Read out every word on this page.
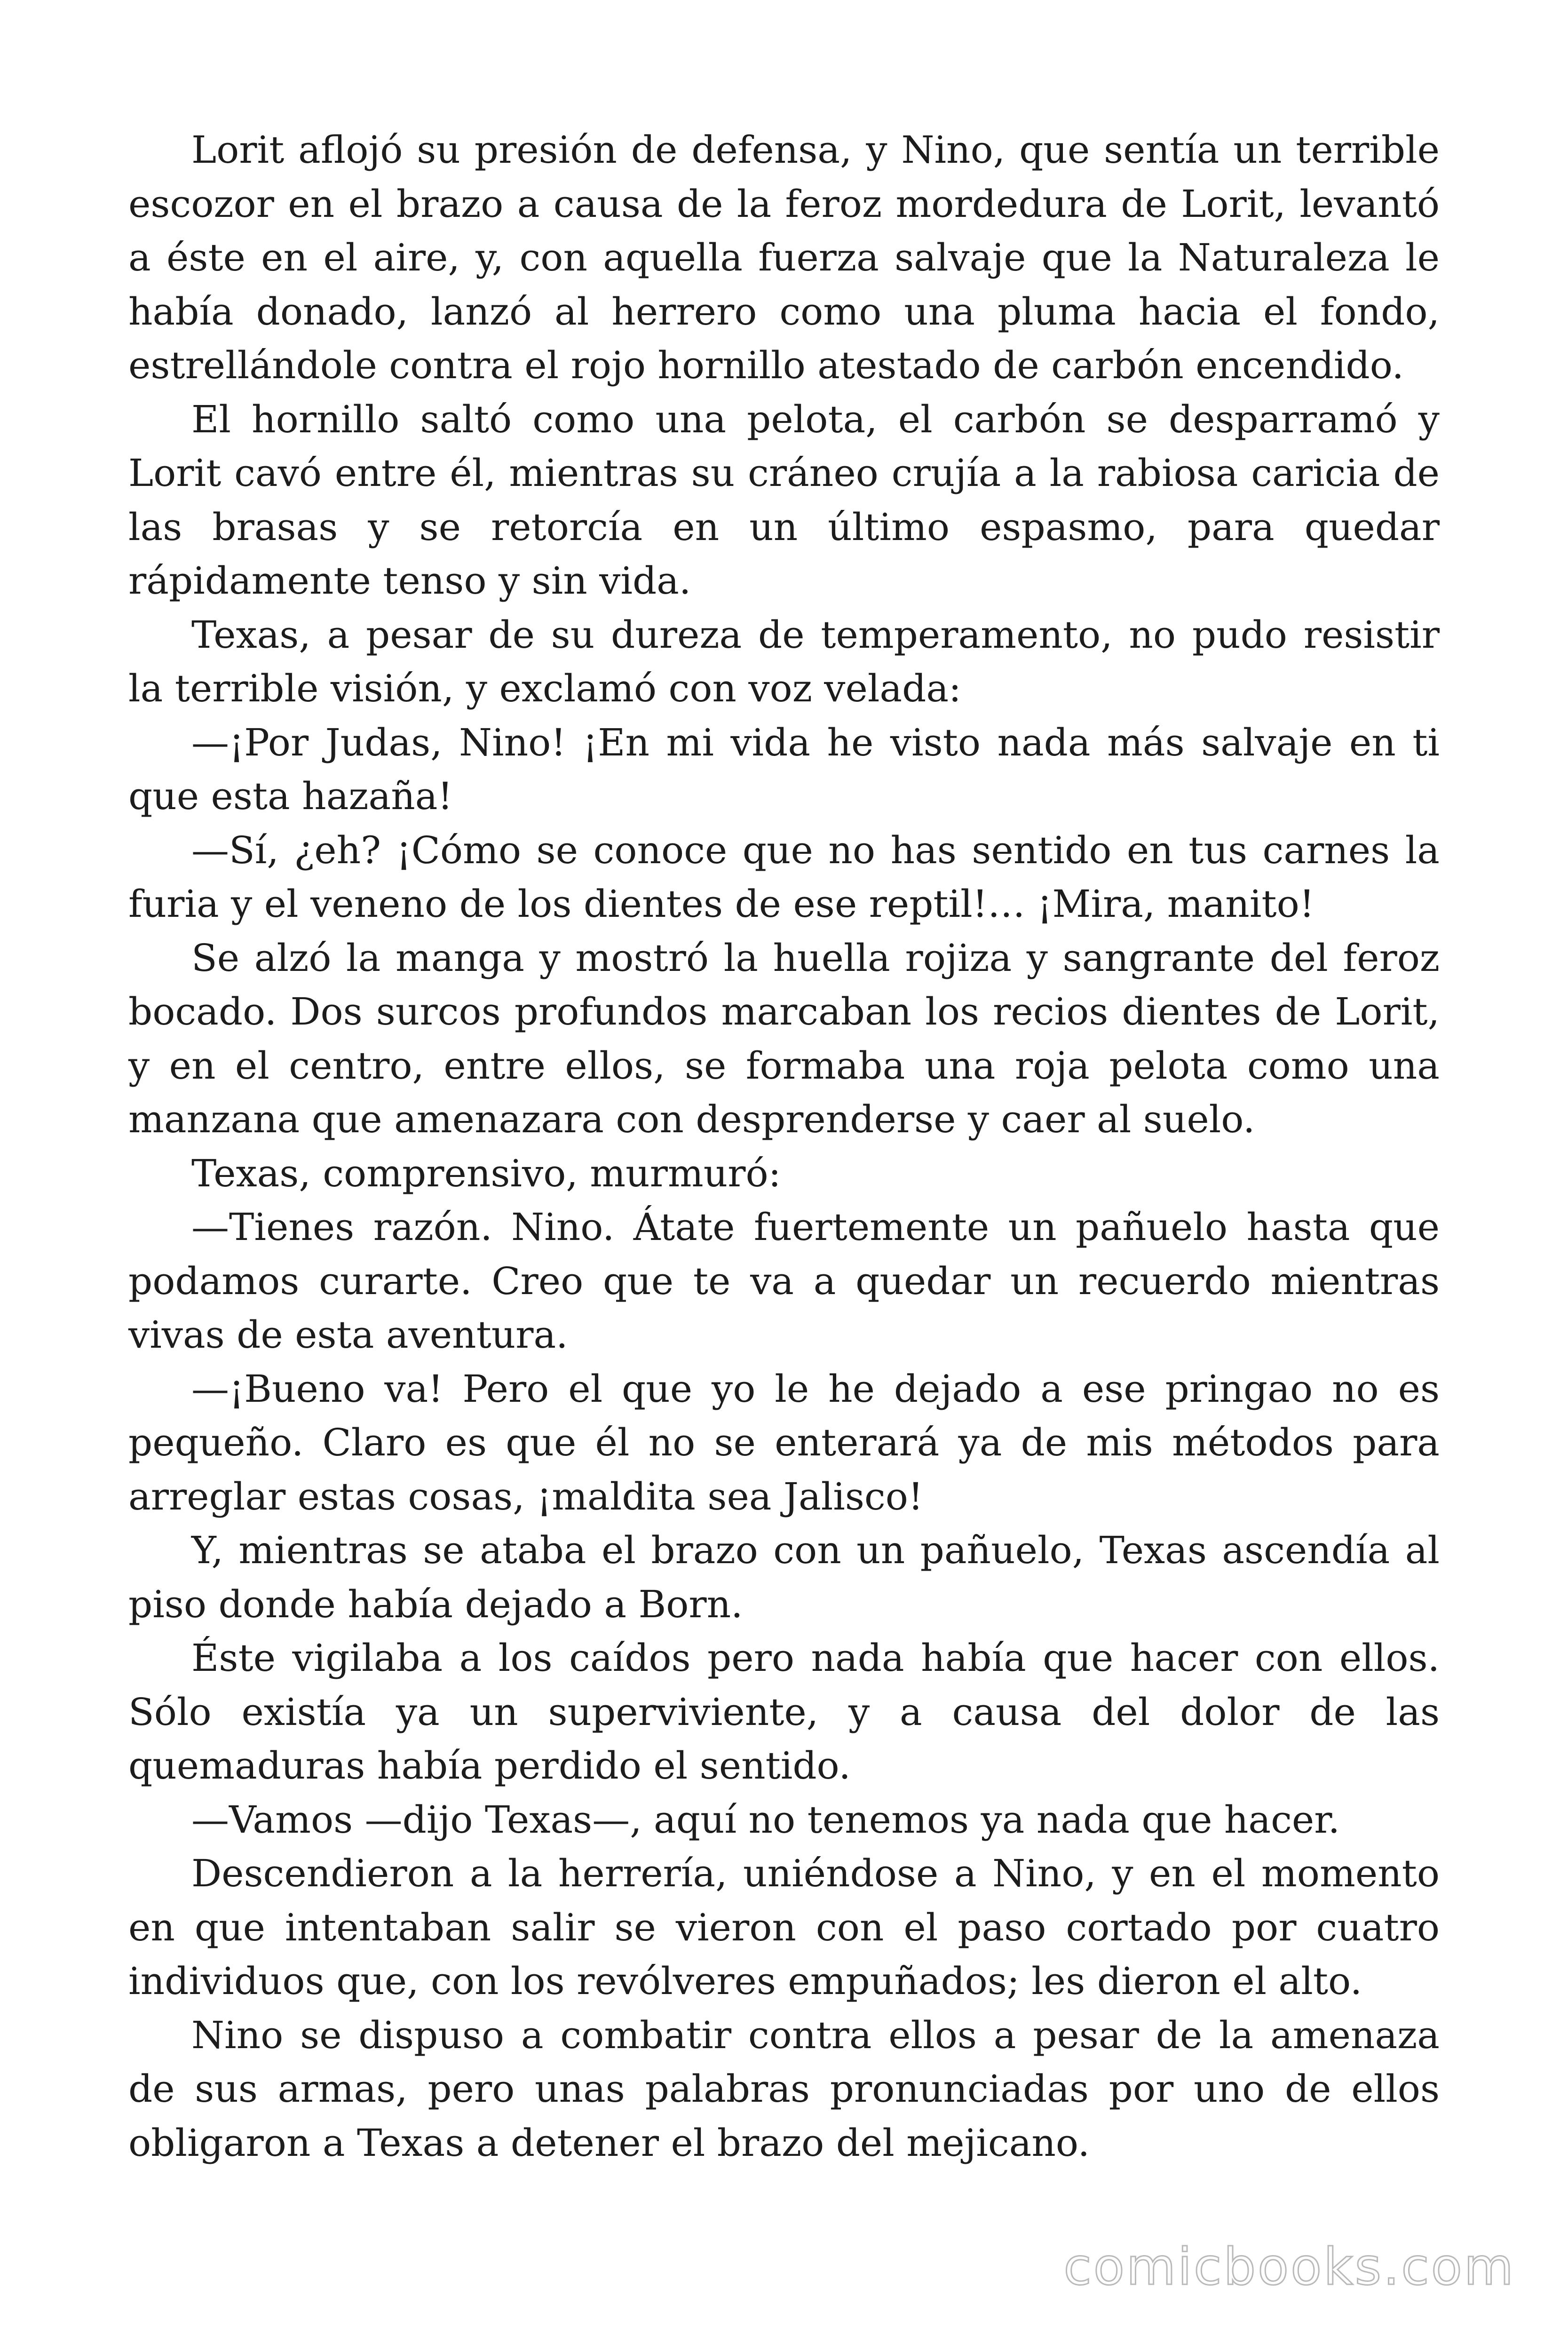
Lorit aflojó su presión de defensa, y Nino, que sentía un terrible escozor en el brazo a causa de la feroz mordedura de Lorit, levantó a éste en el aire, y, con aquella fuerza salvaje que la Naturaleza le había donado, lanzó al herrero como una pluma hacia el fondo, estrellándole contra el rojo hornillo atestado de carbón encendido.

El hornillo saltó como una pelota, el carbón se desparramó y Lorit cavó entre él, mientras su cráneo crujía a la rabiosa caricia de las brasas y se retorcía en un último espasmo, para quedar rápidamente tenso y sin vida.

Texas, a pesar de su dureza de temperamento, no pudo resistir la terrible visión, y exclamó con voz velada:

—¡Por Judas, Nino! ¡En mi vida he visto nada más salvaje en ti que esta hazaña!

—Sí, ¿eh? ¡Cómo se conoce que no has sentido en tus carnes la furia y el veneno de los dientes de ese reptil!… ¡Mira, manito!

Se alzó la manga y mostró la huella rojiza y sangrante del feroz bocado. Dos surcos profundos marcaban los recios dientes de Lorit, y en el centro, entre ellos, se formaba una roja pelota como una manzana que amenazara con desprenderse y caer al suelo.

Texas, comprensivo, murmuró:

—Tienes razón. Nino. Átate fuertemente un pañuelo hasta que podamos curarte. Creo que te va a quedar un recuerdo mientras vivas de esta aventura.

—¡Bueno va! Pero el que yo le he dejado a ese pringao no es pequeño. Claro es que él no se enterará ya de mis métodos para arreglar estas cosas, ¡maldita sea Jalisco!

Y, mientras se ataba el brazo con un pañuelo, Texas ascendía al piso donde había dejado a Born.

Éste vigilaba a los caídos pero nada había que hacer con ellos. Sólo existía ya un superviviente, y a causa del dolor de las quemaduras había perdido el sentido.

—Vamos —dijo Texas—, aquí no tenemos ya nada que hacer.

Descendieron a la herrería, uniéndose a Nino, y en el momento en que intentaban salir se vieron con el paso cortado por cuatro individuos que, con los revólveres empuñados; les dieron el alto.

Nino se dispuso a combatir contra ellos a pesar de la amenaza de sus armas, pero unas palabras pronunciadas por uno de ellos obligaron a Texas a detener el brazo del mejicano.

comicbooks.com
